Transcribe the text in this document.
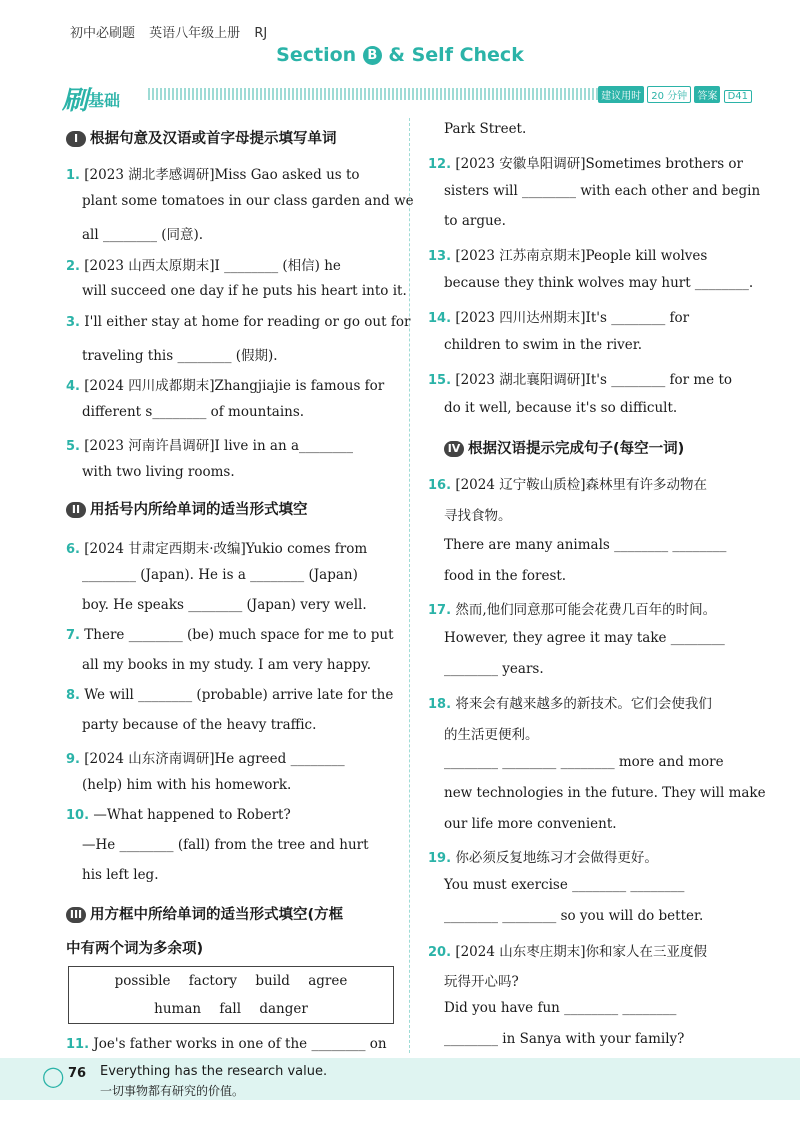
初中必刷题 英语八年级上册 RJ
Section B & Self Check
刷基础	建议用时 20 分钟 答案 D41
I 根据句意及汉语或首字母提示填写单词
II 用括号内所给单词的适当形式填空
III 用方框中所给单词的适当形式填空(方框
中有两个词为多余项)
IV 根据汉语提示完成句子(每空一词)
possible factory build agree
human fall danger
1. [2023 湖北孝感调研]Miss Gao asked us to
plant some tomatoes in our class garden and we
all ________ (同意).
2. [2023 山西太原期末]I ________ (相信) he
will succeed one day if he puts his heart into it.
3. I'll either stay at home for reading or go out for
traveling this ________ (假期).
4. [2024 四川成都期末]Zhangjiajie is famous for
different s________ of mountains.
5. [2023 河南许昌调研]I live in an a________
with two living rooms.
6. [2024 甘肃定西期末·改编]Yukio comes from
________ (Japan). He is a ________ (Japan)
boy. He speaks ________ (Japan) very well.
7. There ________ (be) much space for me to put
all my books in my study. I am very happy.
8. We will ________ (probable) arrive late for the
party because of the heavy traffic.
9. [2024 山东济南调研]He agreed ________
(help) him with his homework.
10. —What happened to Robert?
—He ________ (fall) from the tree and hurt
his left leg.
11. Joe's father works in one of the ________ on
Park Street.
12. [2023 安徽阜阳调研]Sometimes brothers or
sisters will ________ with each other and begin
to argue.
13. [2023 江苏南京期末]People kill wolves
because they think wolves may hurt ________.
14. [2023 四川达州期末]It's ________ for
children to swim in the river.
15. [2023 湖北襄阳调研]It's ________ for me to
do it well, because it's so difficult.
16. [2024 辽宁鞍山质检]森林里有许多动物在
寻找食物。
There are many animals ________ ________
food in the forest.
17. 然而,他们同意那可能会花费几百年的时间。
However, they agree it may take ________
________ years.
18. 将来会有越来越多的新技术。它们会使我们
的生活更便利。
________ ________ ________ more and more
new technologies in the future. They will make
our life more convenient.
19. 你必须反复地练习才会做得更好。
You must exercise ________ ________
________ ________ so you will do better.
20. [2024 山东枣庄期末]你和家人在三亚度假
玩得开心吗?
Did you have fun ________ ________
________ in Sanya with your family?
◯ 76 Everything has the research value.
一切事物都有研究的价值。
